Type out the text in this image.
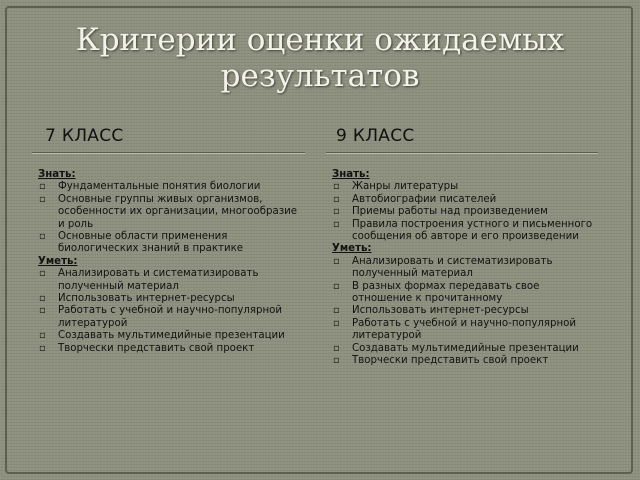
Критерии оценки ожидаемых
результатов
7 КЛАСС	9 КЛАСС
Знать:
▫ Фундаментальные понятия биологии
▫ Основные группы живых организмов, особенности их организации, многообразие и роль
▫ Основные области применения биологических знаний в практике
Уметь:
▫ Анализировать и систематизировать полученный материал
▫ Использовать интернет-ресурсы
▫ Работать с учебной и научно-популярной литературой
▫ Создавать мультимедийные презентации
▫ Творчески представить свой проект
Знать:
▫ Жанры литературы
▫ Автобиографии писателей
▫ Приемы работы над произведением
▫ Правила построения устного и письменного сообщения об авторе и его произведении
Уметь:
▫ Анализировать и систематизировать полученный материал
▫ В разных формах передавать свое отношение к прочитанному
▫ Использовать интернет-ресурсы
▫ Работать с учебной и научно-популярной литературой
▫ Создавать мультимедийные презентации
▫ Творчески представить свой проект
